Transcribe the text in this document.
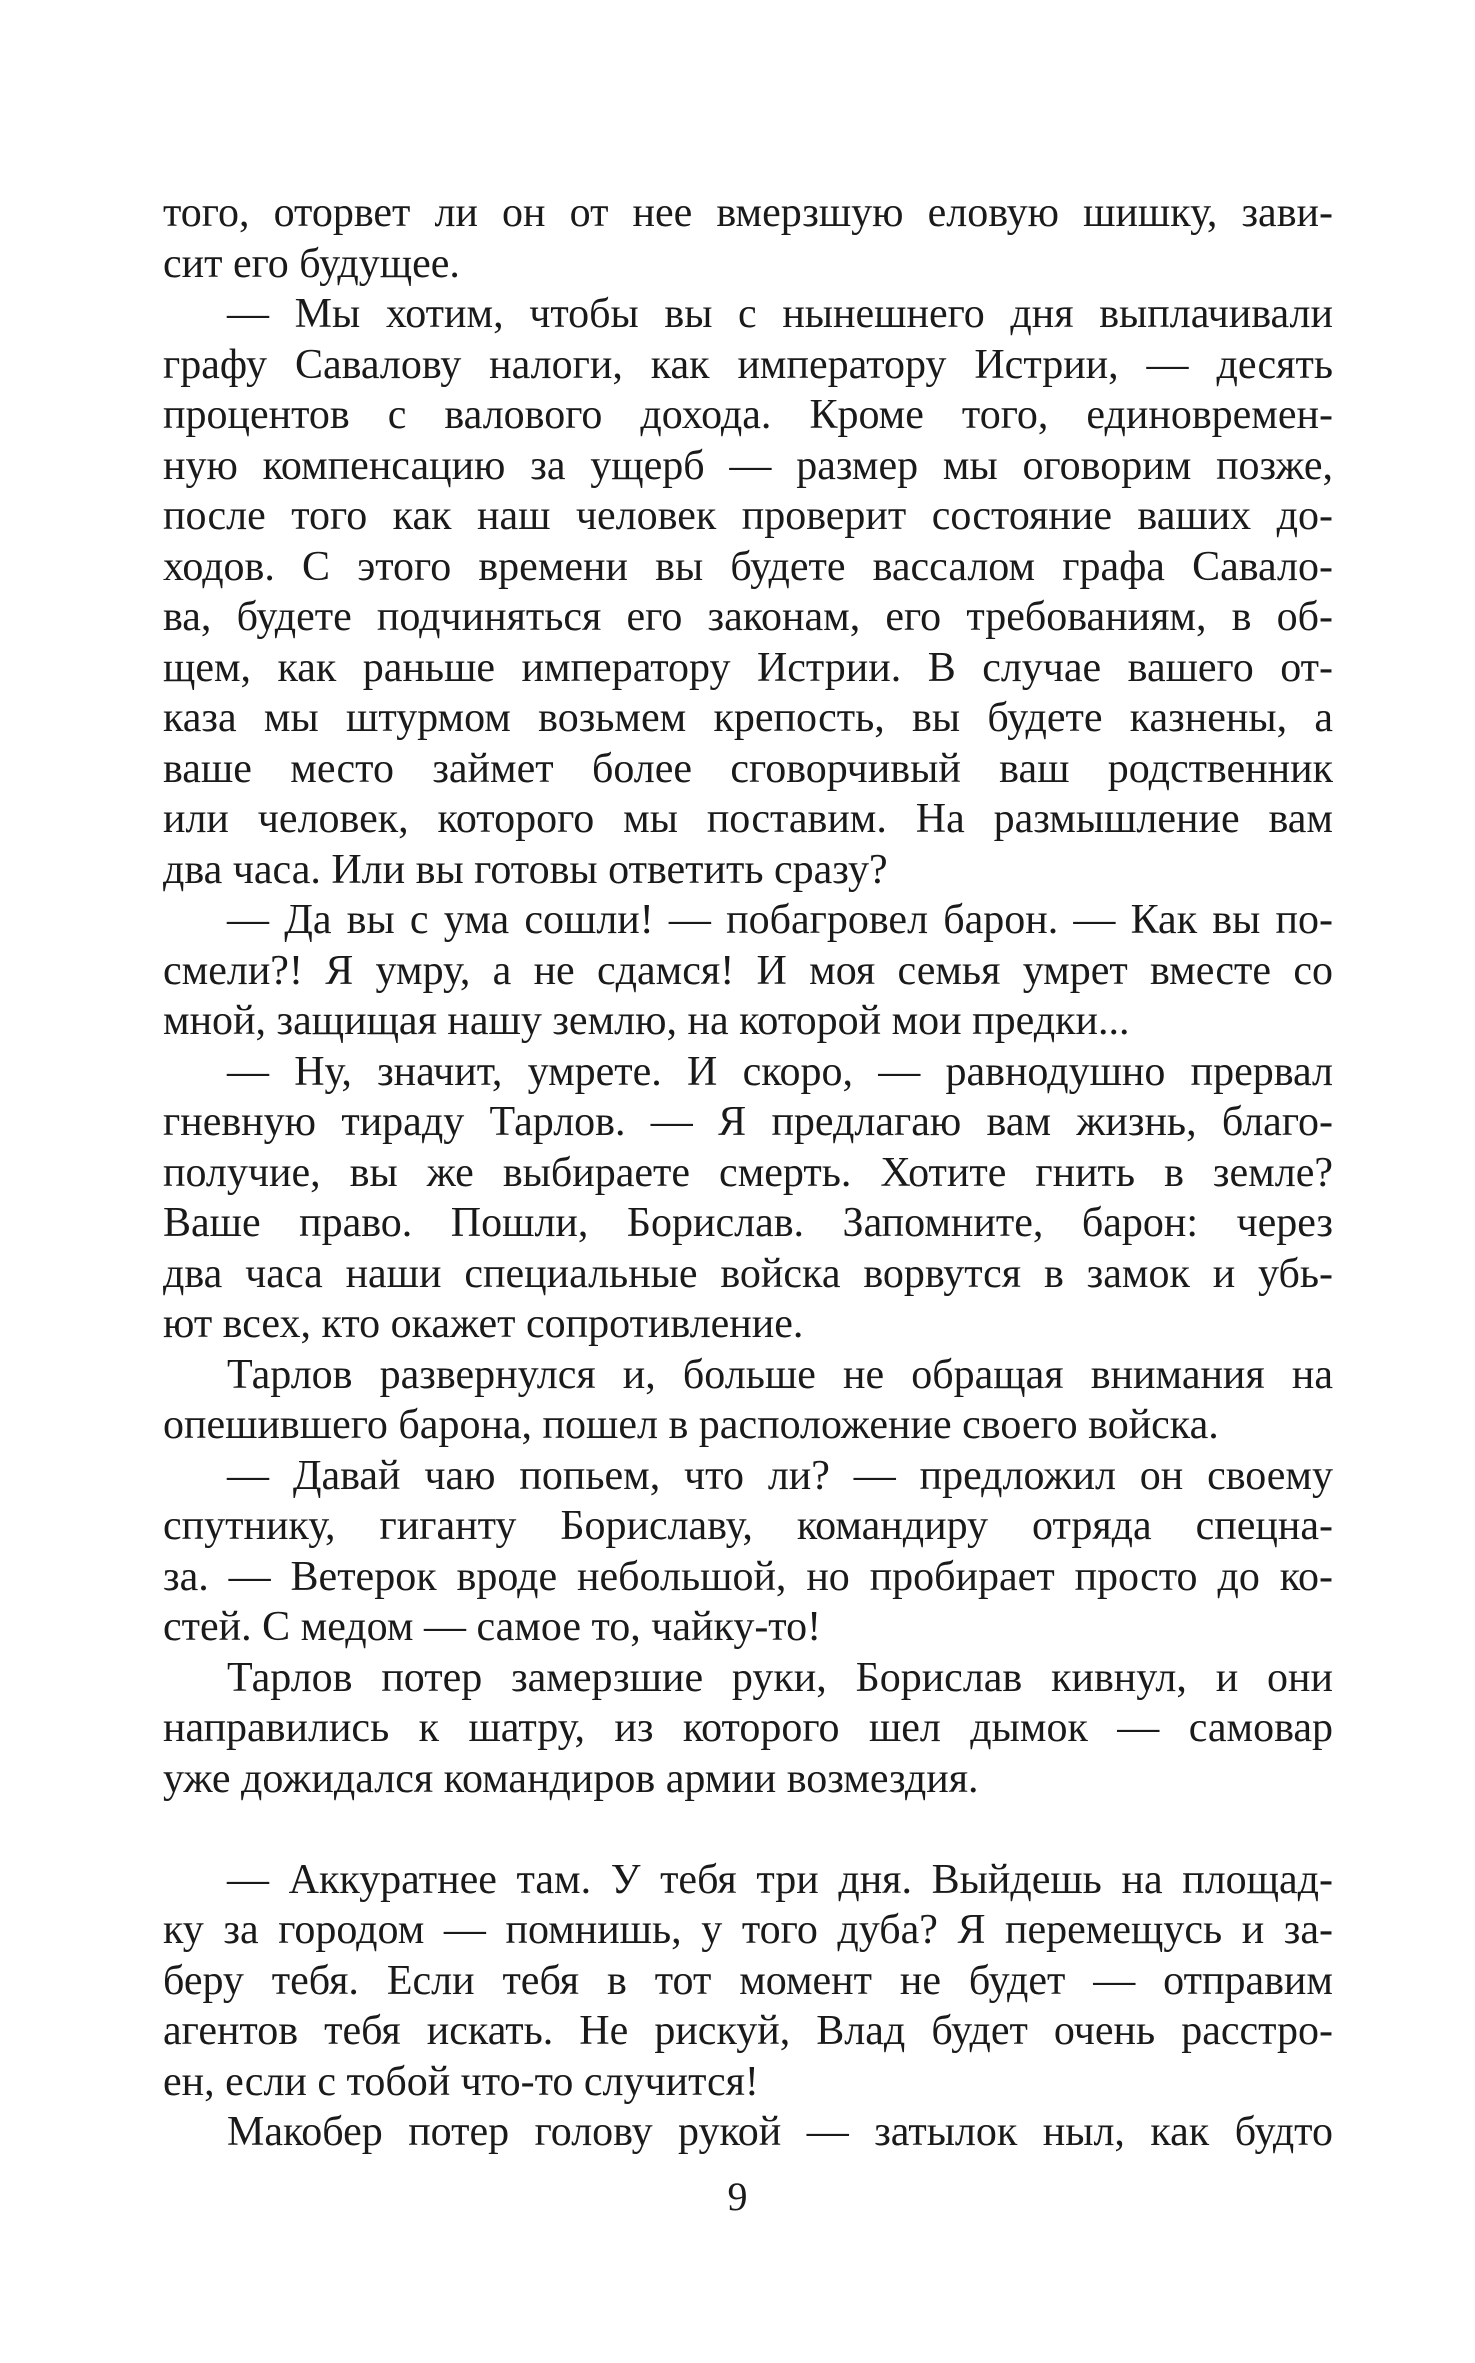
того, оторвет ли он от нее вмерзшую еловую шишку, зави-
сит его будущее.
— Мы хотим, чтобы вы с нынешнего дня выплачивали
графу Савалову налоги, как императору Истрии, — десять
процентов с валового дохода. Кроме того, единовремен-
ную компенсацию за ущерб — размер мы оговорим позже,
после того как наш человек проверит состояние ваших до-
ходов. С этого времени вы будете вассалом графа Савало-
ва, будете подчиняться его законам, его требованиям, в об-
щем, как раньше императору Истрии. В случае вашего от-
каза мы штурмом возьмем крепость, вы будете казнены, а
ваше место займет более сговорчивый ваш родственник
или человек, которого мы поставим. На размышление вам
два часа. Или вы готовы ответить сразу?
— Да вы с ума сошли! — побагровел барон. — Как вы по-
смели?! Я умру, а не сдамся! И моя семья умрет вместе со
мной, защищая нашу землю, на которой мои предки...
— Ну, значит, умрете. И скоро, — равнодушно прервал
гневную тираду Тарлов. — Я предлагаю вам жизнь, благо-
получие, вы же выбираете смерть. Хотите гнить в земле?
Ваше право. Пошли, Борислав. Запомните, барон: через
два часа наши специальные войска ворвутся в замок и убь-
ют всех, кто окажет сопротивление.
Тарлов развернулся и, больше не обращая внимания на
опешившего барона, пошел в расположение своего войска.
— Давай чаю попьем, что ли? — предложил он своему
спутнику, гиганту Бориславу, командиру отряда спецна-
за. — Ветерок вроде небольшой, но пробирает просто до ко-
стей. С медом — самое то, чайку-то!
Тарлов потер замерзшие руки, Борислав кивнул, и они
направились к шатру, из которого шел дымок — самовар
уже дожидался командиров армии возмездия.
— Аккуратнее там. У тебя три дня. Выйдешь на площад-
ку за городом — помнишь, у того дуба? Я перемещусь и за-
беру тебя. Если тебя в тот момент не будет — отправим
агентов тебя искать. Не рискуй, Влад будет очень расстро-
ен, если с тобой что-то случится!
Макобер потер голову рукой — затылок ныл, как будто
9
